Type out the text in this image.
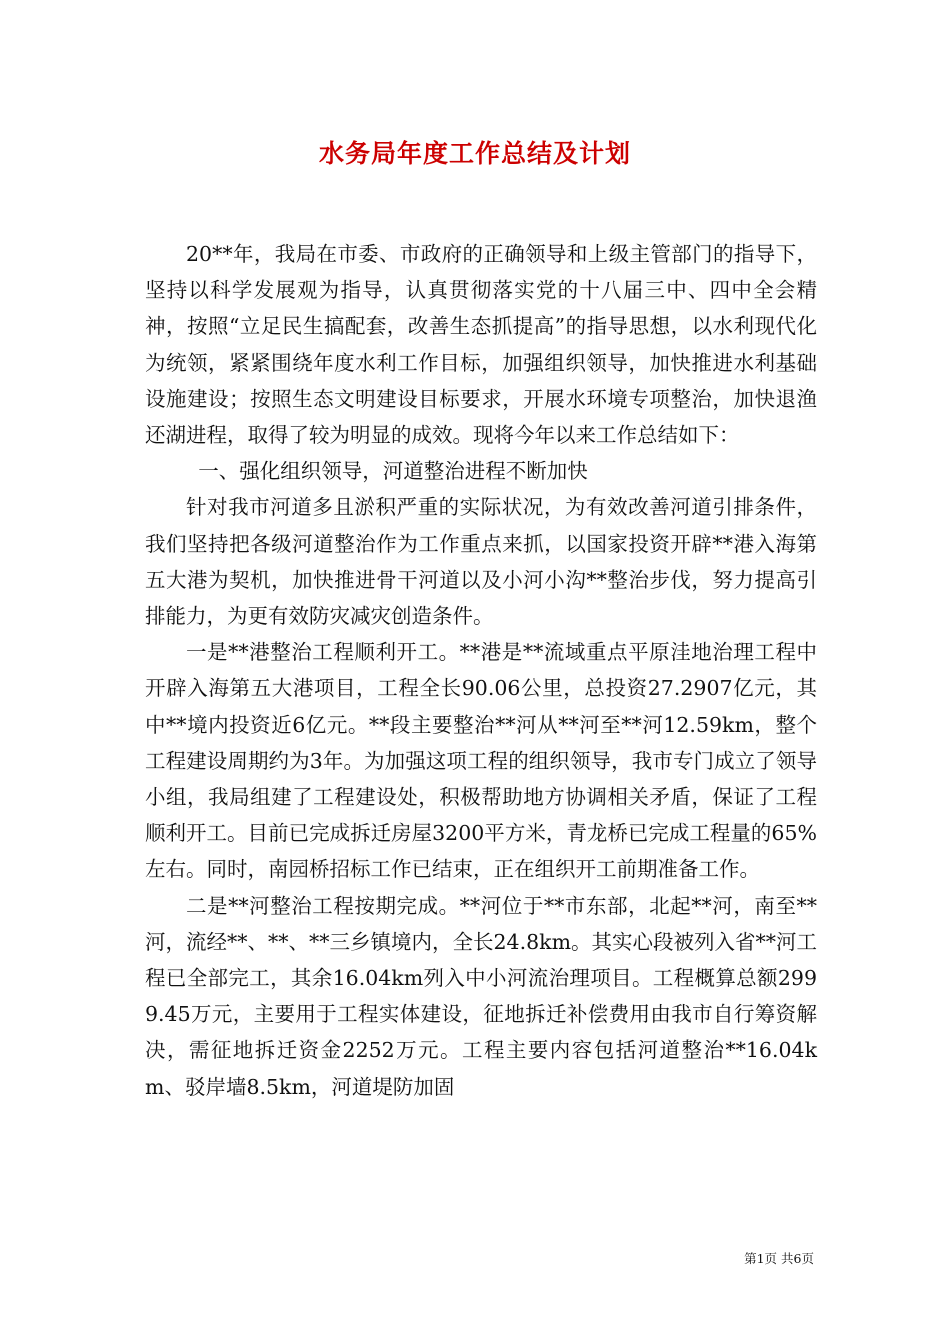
水务局年度工作总结及计划

20**年，我局在市委、市政府的正确领导和上级主管部门的指导下，坚持以科学发展观为指导，认真贯彻落实党的十八届三中、四中全会精神，按照“立足民生搞配套，改善生态抓提高”的指导思想，以水利现代化为统领，紧紧围绕年度水利工作目标，加强组织领导，加快推进水利基础设施建设；按照生态文明建设目标要求，开展水环境专项整治，加快退渔还湖进程，取得了较为明显的成效。现将今年以来工作总结如下：

一、强化组织领导，河道整治进程不断加快

针对我市河道多且淤积严重的实际状况，为有效改善河道引排条件，我们坚持把各级河道整治作为工作重点来抓，以国家投资开辟**港入海第五大港为契机，加快推进骨干河道以及小河小沟**整治步伐，努力提高引排能力，为更有效防灾减灾创造条件。

一是**港整治工程顺利开工。**港是**流域重点平原洼地治理工程中开辟入海第五大港项目，工程全长90.06公里，总投资27.2907亿元，其中**境内投资近6亿元。**段主要整治**河从**河至**河12.59km，整个工程建设周期约为3年。为加强这项工程的组织领导，我市专门成立了领导小组，我局组建了工程建设处，积极帮助地方协调相关矛盾，保证了工程顺利开工。目前已完成拆迁房屋3200平方米，青龙桥已完成工程量的65%左右。同时，南园桥招标工作已结束，正在组织开工前期准备工作。

二是**河整治工程按期完成。**河位于**市东部，北起**河，南至**河，流经**、**、**三乡镇境内，全长24.8km。其实心段被列入省**河工程已全部完工，其余16.04km列入中小河流治理项目。工程概算总额2999.45万元，主要用于工程实体建设，征地拆迁补偿费用由我市自行筹资解决，需征地拆迁资金2252万元。工程主要内容包括河道整治**16.04km、驳岸墙8.5km，河道堤防加固

第1页 共6页
